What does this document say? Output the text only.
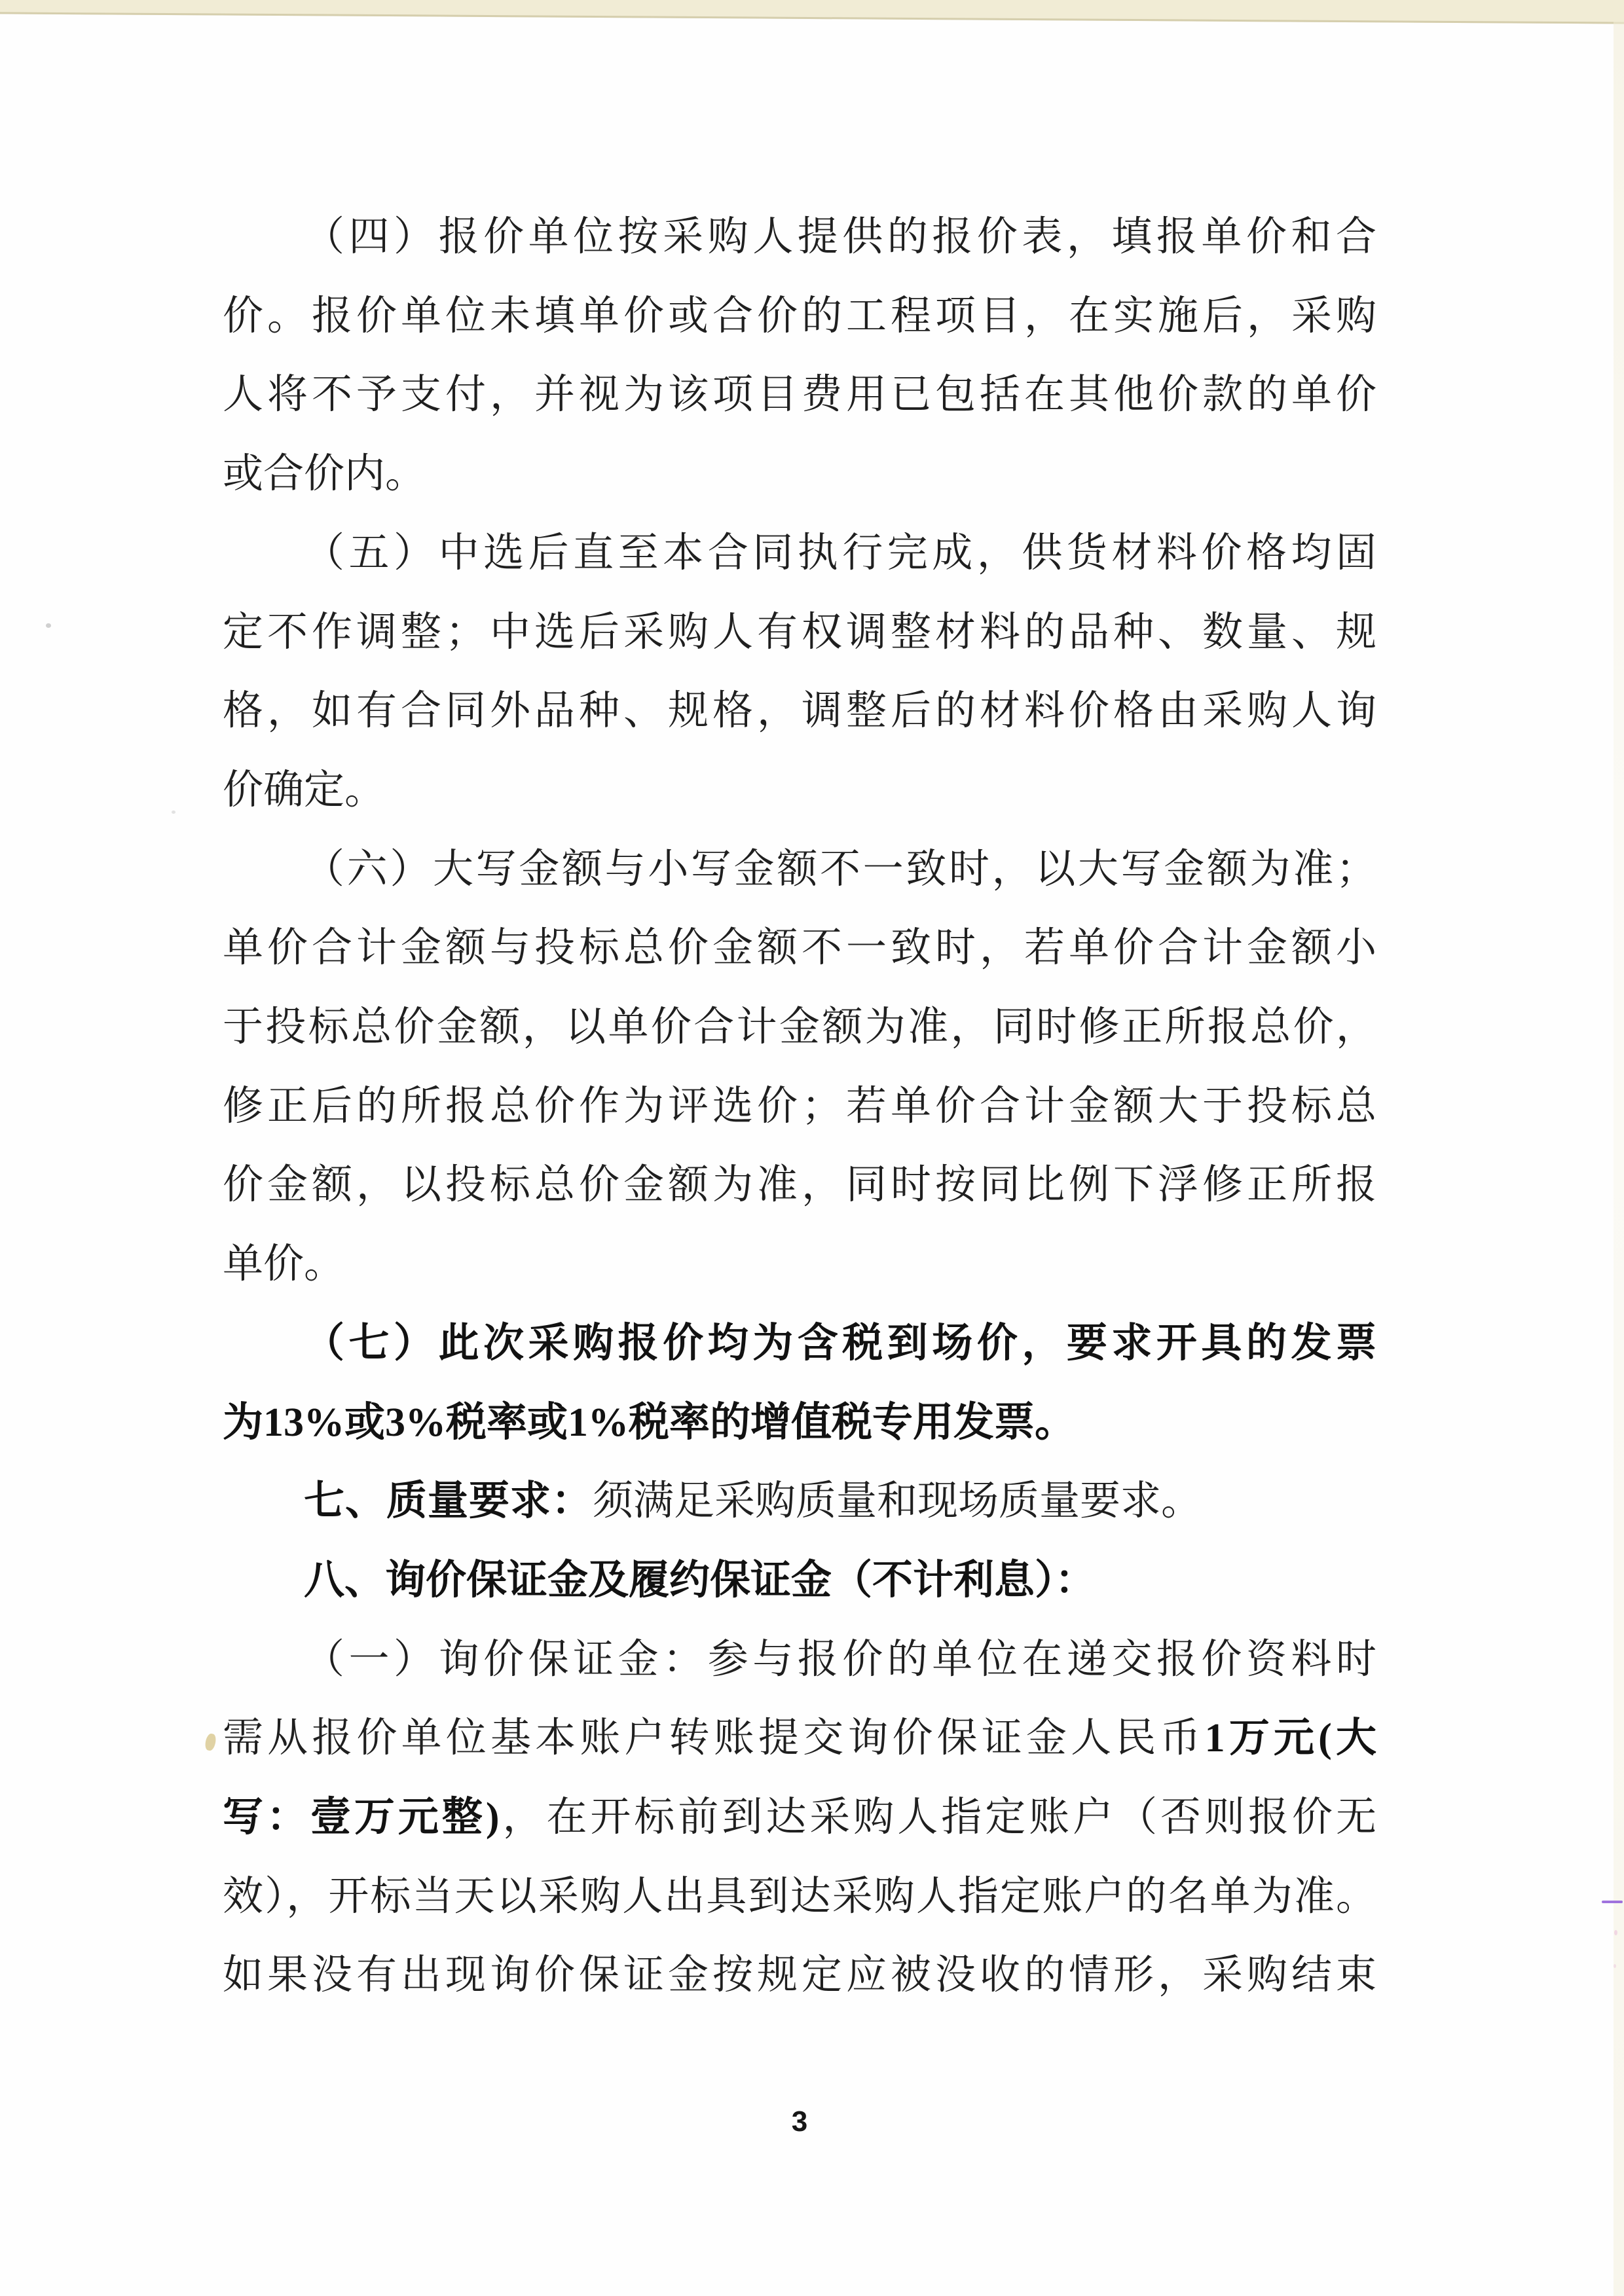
（四）报价单位按采购人提供的报价表，填报单价和合
价。报价单位未填单价或合价的工程项目，在实施后，采购
人将不予支付，并视为该项目费用已包括在其他价款的单价
或合价内。
（五）中选后直至本合同执行完成，供货材料价格均固
定不作调整；中选后采购人有权调整材料的品种、数量、规
格，如有合同外品种、规格，调整后的材料价格由采购人询
价确定。
（六）大写金额与小写金额不一致时，以大写金额为准；
单价合计金额与投标总价金额不一致时，若单价合计金额小
于投标总价金额，以单价合计金额为准，同时修正所报总价，
修正后的所报总价作为评选价；若单价合计金额大于投标总
价金额，以投标总价金额为准，同时按同比例下浮修正所报
单价。
（七）此次采购报价均为含税到场价，要求开具的发票
为13%或3%税率或1%税率的增值税专用发票。
七、质量要求：须满足采购质量和现场质量要求。
八、询价保证金及履约保证金（不计利息）：
（一）询价保证金：参与报价的单位在递交报价资料时
需从报价单位基本账户转账提交询价保证金人民币1万元(大
写：壹万元整)，在开标前到达采购人指定账户（否则报价无
效），开标当天以采购人出具到达采购人指定账户的名单为准。
如果没有出现询价保证金按规定应被没收的情形，采购结束
3
